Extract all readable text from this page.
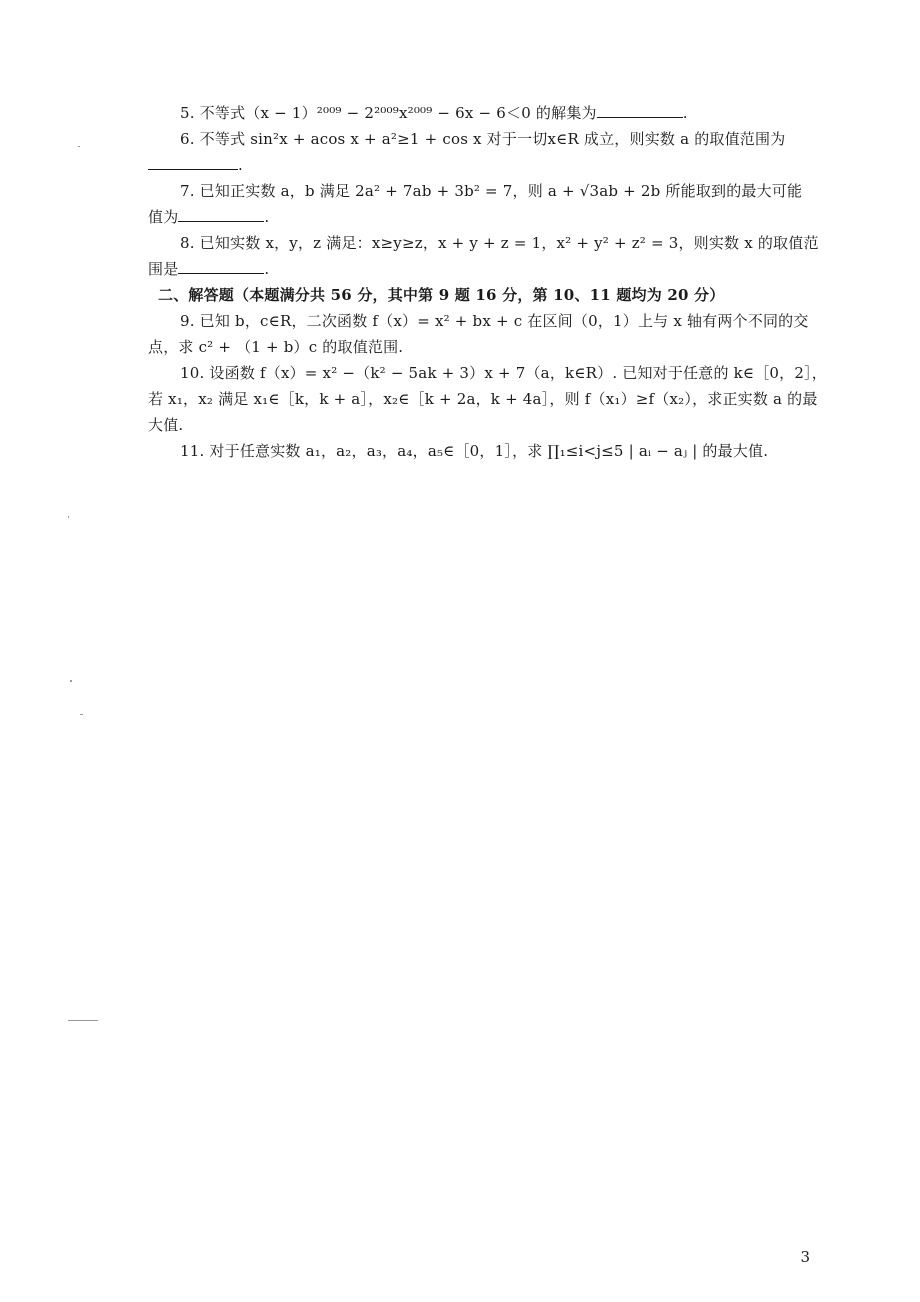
5. 不等式（x − 1）²⁰⁰⁹ − 2²⁰⁰⁹x²⁰⁰⁹ − 6x − 6＜0 的解集为	.
6. 不等式 sin²x + acos x + a²≥1 + cos x 对于一切x∈R 成立，则实数 a 的取值范围为
.
7. 已知正实数 a，b 满足 2a² + 7ab + 3b² = 7，则 a + √3ab + 2b 所能取到的最大可能
值为	.
8. 已知实数 x，y，z 满足：x≥y≥z，x + y + z = 1，x² + y² + z² = 3，则实数 x 的取值范
围是	.
二、解答题（本题满分共 56 分，其中第 9 题 16 分，第 10、11 题均为 20 分）
9. 已知 b，c∈R，二次函数 f（x）= x² + bx + c 在区间（0，1）上与 x 轴有两个不同的交
点，求 c² + （1 + b）c 的取值范围.
10. 设函数 f（x）= x² −（k² − 5ak + 3）x + 7（a，k∈R）. 已知对于任意的 k∈［0，2］，
若 x₁，x₂ 满足 x₁∈［k，k + a］，x₂∈［k + 2a，k + 4a］，则 f（x₁）≥f（x₂），求正实数 a 的最
大值.
11. 对于任意实数 a₁，a₂，a₃，a₄，a₅∈［0，1］，求 ∏₁≤i<j≤5 | aᵢ − aⱼ | 的最大值.
3
